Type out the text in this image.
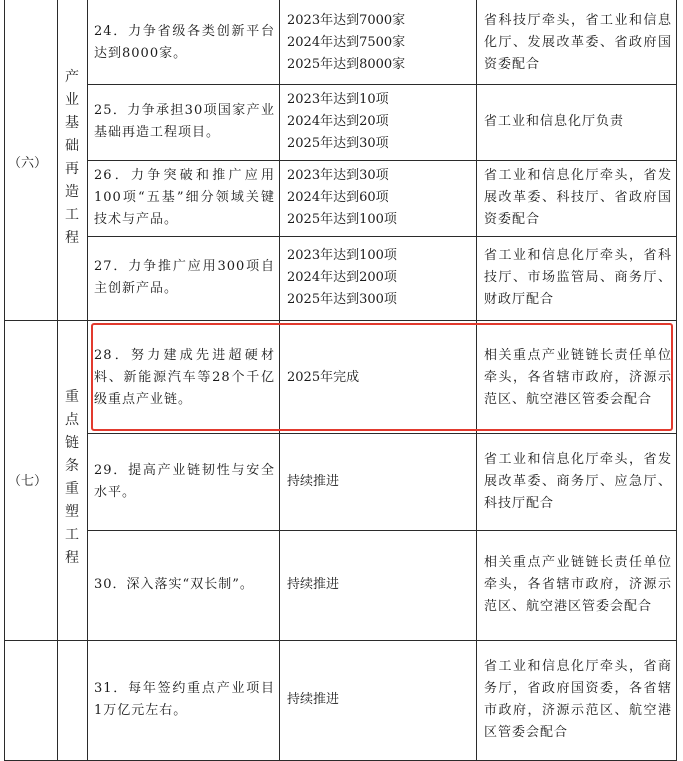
（六）
产
业
基
础
再
造
工
程
（七）
重
点
链
条
重
塑
工
程
24．力争省级各类创新平台达到8000家。
2023年达到7000家
2024年达到7500家
2025年达到8000家
省科技厅牵头，省工业和信息化厅、发展改革委、省政府国资委配合
25．力争承担30项国家产业基础再造工程项目。
2023年达到10项
2024年达到20项
2025年达到30项
省工业和信息化厅负责
26．力争突破和推广应用100项“五基”细分领域关键技术与产品。
2023年达到30项
2024年达到60项
2025年达到100项
省工业和信息化厅牵头，省发展改革委、科技厅、省政府国资委配合
27．力争推广应用300项自主创新产品。
2023年达到100项
2024年达到200项
2025年达到300项
省工业和信息化厅牵头，省科技厅、市场监管局、商务厅、财政厅配合
28．努力建成先进超硬材料、新能源汽车等28个千亿级重点产业链。
2025年完成
相关重点产业链链长责任单位牵头，各省辖市政府，济源示范区、航空港区管委会配合
29．提高产业链韧性与安全水平。
持续推进
省工业和信息化厅牵头，省发展改革委、商务厅、应急厅、科技厅配合
30．深入落实“双长制”。	持续推进
相关重点产业链链长责任单位牵头，各省辖市政府，济源示范区、航空港区管委会配合
31．每年签约重点产业项目1万亿元左右。
持续推进
省工业和信息化厅牵头，省商务厅，省政府国资委，各省辖市政府，济源示范区、航空港区管委会配合
